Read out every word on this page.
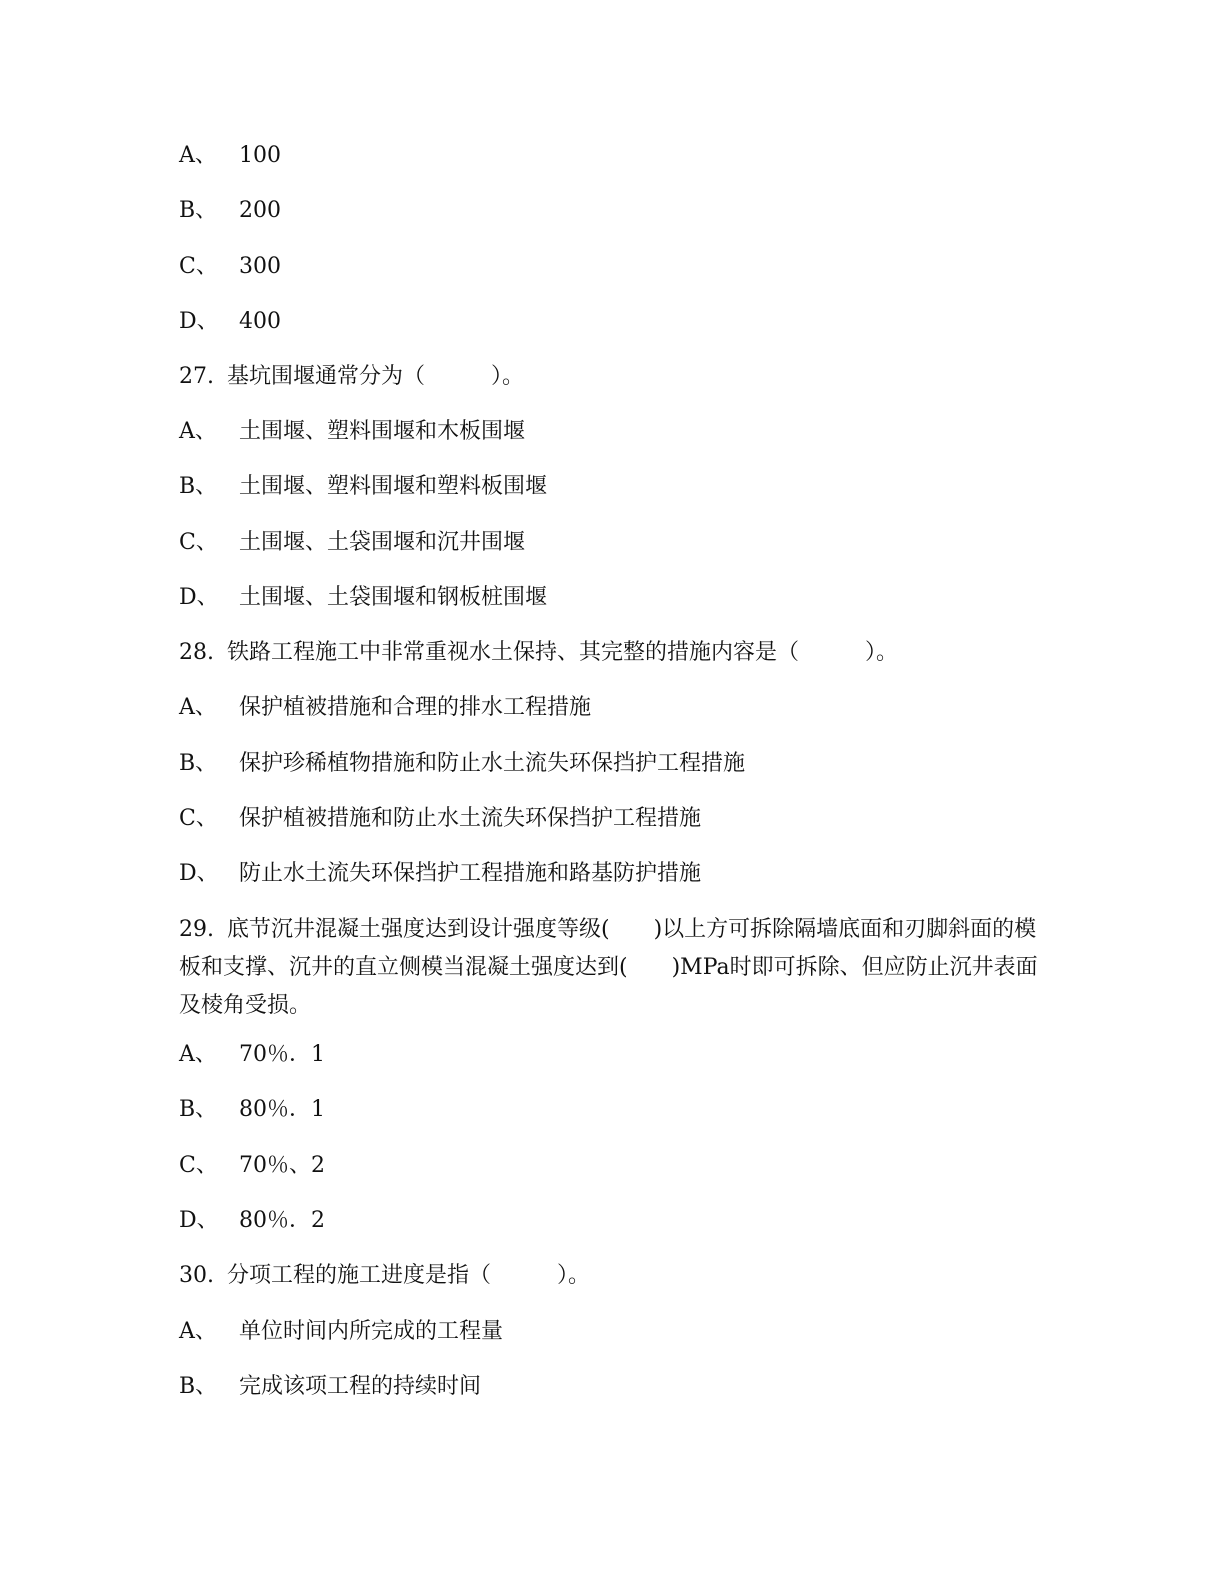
A、 100
B、 200
C、 300
D、 400
27. 基坑围堰通常分为（　　　）。
A、 土围堰、塑料围堰和木板围堰
B、 土围堰、塑料围堰和塑料板围堰
C、 土围堰、土袋围堰和沉井围堰
D、 土围堰、土袋围堰和钢板桩围堰
28. 铁路工程施工中非常重视水土保持、其完整的措施内容是（　　　）。
A、 保护植被措施和合理的排水工程措施
B、 保护珍稀植物措施和防止水土流失环保挡护工程措施
C、 保护植被措施和防止水土流失环保挡护工程措施
D、 防止水土流失环保挡护工程措施和路基防护措施
29. 底节沉井混凝土强度达到设计强度等级(　　)以上方可拆除隔墙底面和刃脚斜面的模板和支撑、沉井的直立侧模当混凝土强度达到(　　)MPa时即可拆除、但应防止沉井表面及棱角受损。
A、 70％．1
B、 80％．1
C、 70％、2
D、 80％．2
30. 分项工程的施工进度是指（　　　）。
A、 单位时间内所完成的工程量
B、 完成该项工程的持续时间
